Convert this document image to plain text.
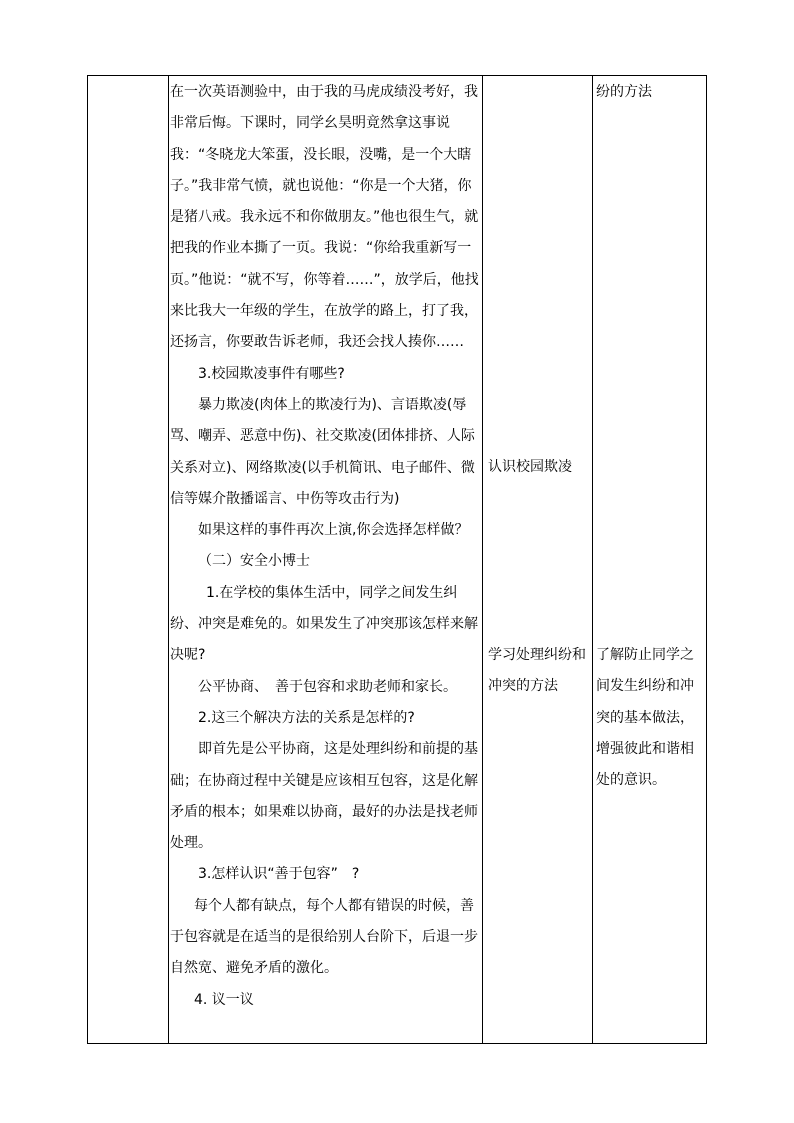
在一次英语测验中，由于我的马虎成绩没考好，我非常后悔。下课时，同学幺昊明竟然拿这事说我：“冬晓龙大笨蛋，没长眼，没嘴，是一个大瞎子。”我非常气愤，就也说他：“你是一个大猪，你是猪八戒。我永远不和你做朋友。”他也很生气，就把我的作业本撕了一页。我说：“你给我重新写一页。”他说：“就不写，你等着……”，放学后，他找来比我大一年级的学生，在放学的路上，打了我，还扬言，你要敢告诉老师，我还会找人揍你……

3.校园欺凌事件有哪些?

暴力欺凌(肉体上的欺凌行为)、言语欺凌(辱骂、嘲弄、恶意中伤)、社交欺凌(团体排挤、人际关系对立)、网络欺凌(以手机简讯、电子邮件、微信等媒介散播谣言、中伤等攻击行为)

如果这样的事件再次上演,你会选择怎样做？

（二）安全小博士

1.在学校的集体生活中，同学之间发生纠纷、冲突是难免的。如果发生了冲突那该怎样来解决呢?

公平协商、　善于包容和求助老师和家长。

2.这三个解决方法的关系是怎样的?

即首先是公平协商，这是处理纠纷和前提的基础；在协商过程中关键是应该相互包容，这是化解矛盾的根本；如果难以协商，最好的办法是找老师处理。

3.怎样认识“善于包容”　?

每个人都有缺点，每个人都有错误的时候，善于包容就是在适当的是很给别人台阶下，后退一步自然宽、避免矛盾的激化。

4. 议一议

认识校园欺凌
学习处理纠纷和冲突的方法
纷的方法
了解防止同学之间发生纠纷和冲突的基本做法，增强彼此和谐相处的意识。
